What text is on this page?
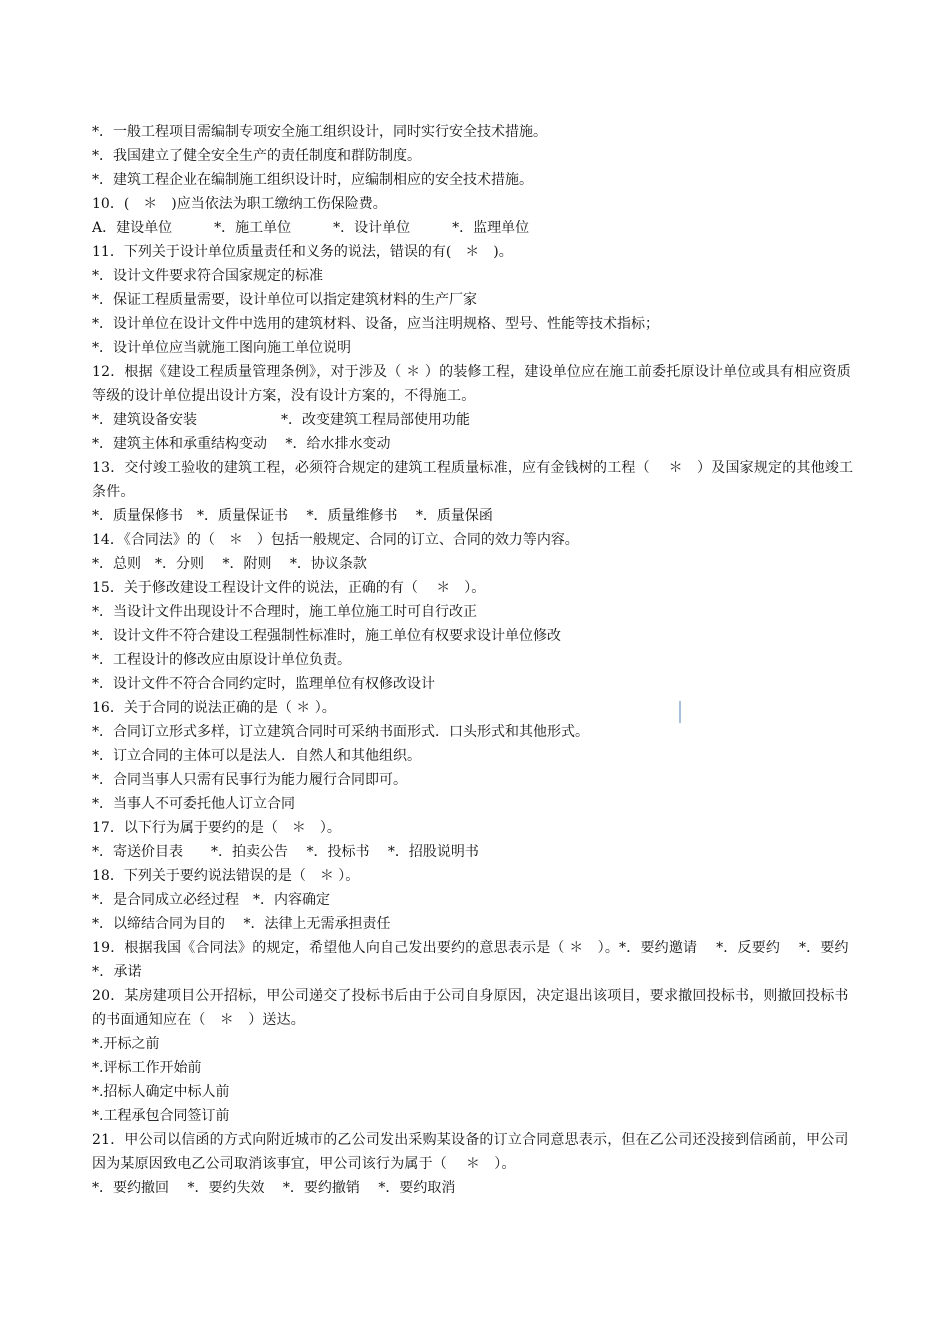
*．一般工程项目需编制专项安全施工组织设计，同时实行安全技术措施。
*．我国建立了健全安全生产的责任制度和群防制度。
*．建筑工程企业在编制施工组织设计时，应编制相应的安全技术措施。
10．(　＊　)应当依法为职工缴纳工伤保险费。
A．建设单位　　　*．施工单位　　　*．设计单位　　　*．监理单位
11．下列关于设计单位质量责任和义务的说法，错误的有(　＊　)。
*．设计文件要求符合国家规定的标准
*．保证工程质量需要，设计单位可以指定建筑材料的生产厂家
*．设计单位在设计文件中选用的建筑材料、设备，应当注明规格、型号、性能等技术指标；
*．设计单位应当就施工图向施工单位说明
12．根据《建设工程质量管理条例》，对于涉及（ ＊ ）的装修工程，建设单位应在施工前委托原设计单位或具有相应资质等级的设计单位提出设计方案，没有设计方案的，不得施工。
*．建筑设备安装　　　　　　*．改变建筑工程局部使用功能
*．建筑主体和承重结构变动　 *．给水排水变动
13．交付竣工验收的建筑工程，必须符合规定的建筑工程质量标准，应有金钱树的工程（　 ＊　）及国家规定的其他竣工条件。
*．质量保修书　*．质量保证书　 *．质量维修书　 *．质量保函
14．《合同法》的（　＊　）包括一般规定、合同的订立、合同的效力等内容。
*．总则　*．分则　 *．附则　 *．协议条款
15．关于修改建设工程设计文件的说法，正确的有（　 ＊　）。
*．当设计文件出现设计不合理时，施工单位施工时可自行改正
*．设计文件不符合建设工程强制性标准时，施工单位有权要求设计单位修改
*．工程设计的修改应由原设计单位负责。
*．设计文件不符合合同约定时，监理单位有权修改设计
16．关于合同的说法正确的是（ ＊ ）。
*．合同订立形式多样，订立建筑合同时可采纳书面形式．口头形式和其他形式。
*．订立合同的主体可以是法人．自然人和其他组织。
*．合同当事人只需有民事行为能力履行合同即可。
*．当事人不可委托他人订立合同
17．以下行为属于要约的是（　＊　）。
*．寄送价目表　　*．拍卖公告　 *．投标书　 *．招股说明书
18．下列关于要约说法错误的是（　＊ ）。
*．是合同成立必经过程　*．内容确定
*．以缔结合同为目的　 *．法律上无需承担责任
19．根据我国《合同法》的规定，希望他人向自己发出要约的意思表示是（ ＊　）。*．要约邀请　 *．反要约　 *．要约　*．承诺
20．某房建项目公开招标，甲公司递交了投标书后由于公司自身原因，决定退出该项目，要求撤回投标书，则撤回投标书的书面通知应在（　＊　）送达。
*.开标之前
*.评标工作开始前
*.招标人确定中标人前
*.工程承包合同签订前
21．甲公司以信函的方式向附近城市的乙公司发出采购某设备的订立合同意思表示，但在乙公司还没接到信函前，甲公司因为某原因致电乙公司取消该事宜，甲公司该行为属于（　 ＊　）。
*．要约撤回　 *．要约失效　 *．要约撤销　 *．要约取消
